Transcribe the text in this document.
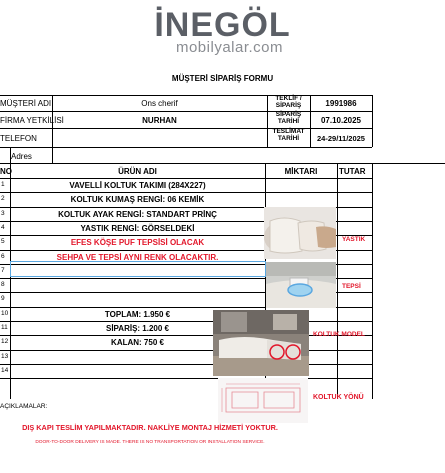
İNEGÖL
mobilyalar.com
MÜŞTERİ SİPARİŞ FORMU
MÜŞTERİ ADI	Ons cherif
FİRMA YETKİLİSİ	NURHAN
TELEFON
Adres
TEKLİF / SİPARİŞ	1991986
SİPARİŞ TARİHİ	07.10.2025
TESLİMAT TARİHİ	24-29/11/2025
NO	ÜRÜN ADI	MİKTARI	TUTAR
1	VAVELLİ KOLTUK TAKIMI (284X227)
2	KOLTUK KUMAŞ RENGİ: 06 KEMİK
3	KOLTUK AYAK RENGİ: STANDART PRİNÇ
4	YASTIK RENGİ: GÖRSELDEKİ
5	EFES KÖŞE PUF TEPSİSİ OLACAK
6	SEHPA VE TEPSİ AYNI RENK OLACAKTIR.
7
8
9
10	TOPLAM: 1.950 €
11	SİPARİŞ: 1.200 €
12	KALAN: 750 €
13
14
YASTIK
TEPSİ
KOLTUK MODEL
KOLTUK YÖNÜ
AÇIKLAMALAR:
DIŞ KAPI TESLİM YAPILMAKTADIR. NAKLİYE MONTAJ HİZMETİ YOKTUR.
DOOR-TO-DOOR DELIVERY IS MADE. THERE IS NO TRANSPORTATION OR INSTALLATION SERVICE.
